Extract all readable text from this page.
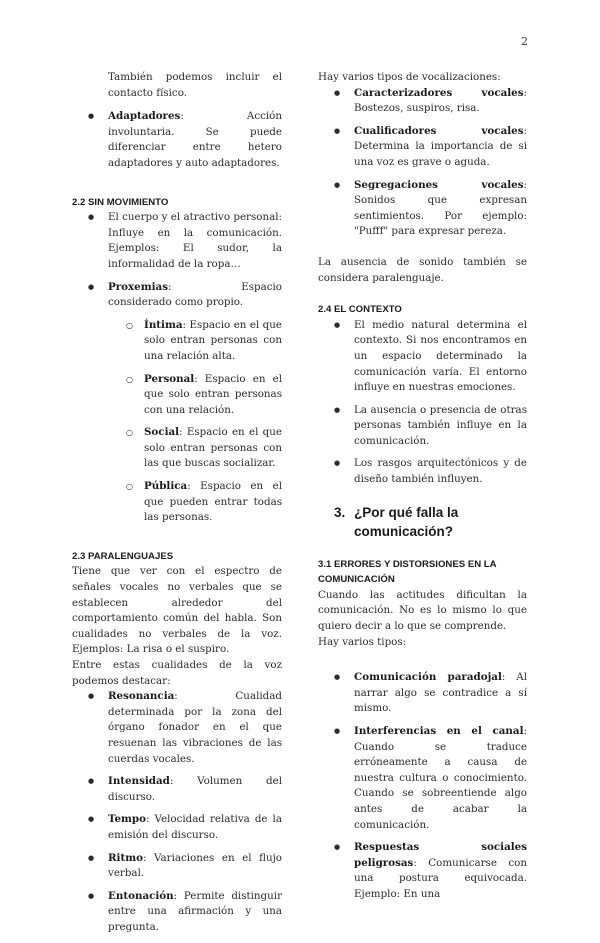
2

También podemos incluir el contacto físico.

● Adaptadores: Acción involuntaria. Se puede diferenciar entre hetero adaptadores y auto adaptadores.
2.2 SIN MOVIMIENTO
● El cuerpo y el atractivo personal: Influye en la comunicación. Ejemplos: El sudor, la informalidad de la ropa…
● Proxemias: Espacio considerado como propio.
○ Íntima: Espacio en el que solo entran personas con una relación alta.
○ Personal: Espacio en el que solo entran personas con una relación.
○ Social: Espacio en el que solo entran personas con las que buscas socializar.
○ Pública: Espacio en el que pueden entrar todas las personas.
2.3 PARALENGUAJES

Tiene que ver con el espectro de señales vocales no verbales que se establecen alrededor del comportamiento común del habla. Son cualidades no verbales de la voz. Ejemplos: La risa o el suspiro.

Entre estas cualidades de la voz podemos destacar:

● Resonancia: Cualidad determinada por la zona del órgano fonador en el que resuenan las vibraciones de las cuerdas vocales.
● Intensidad: Volumen del discurso.
● Tempo: Velocidad relativa de la emisión del discurso.
● Ritmo: Variaciones en el flujo verbal.
● Entonación: Permite distinguir entre una afirmación y una pregunta.

Hay varios tipos de vocalizaciones:

● Caracterizadores vocales: Bostezos, suspiros, risa.
● Cualificadores vocales: Determina la importancia de si una voz es grave o aguda.
● Segregaciones vocales: Sonidos que expresan sentimientos. Por ejemplo: "Pufff" para expresar pereza.

La ausencia de sonido también se considera paralenguaje.

2.4 EL CONTEXTO
● El medio natural determina el contexto. Si nos encontramos en un espacio determinado la comunicación varía. El entorno influye en nuestras emociones.
● La ausencia o presencia de otras personas también influye en la comunicación.
● Los rasgos arquitectónicos y de diseño también influyen.
3. ¿Por qué falla la comunicación?
3.1 ERRORES Y DISTORSIONES EN LA COMUNICACIÓN

Cuando las actitudes dificultan la comunicación. No es lo mismo lo que quiero decir a lo que se comprende.

Hay varios tipos:

● Comunicación paradojal: Al narrar algo se contradice a sí mismo.
● Interferencias en el canal: Cuando se traduce erróneamente a causa de nuestra cultura o conocimiento. Cuando se sobreentiende algo antes de acabar la comunicación.
● Respuestas sociales peligrosas: Comunicarse con una postura equivocada. Ejemplo: En una
